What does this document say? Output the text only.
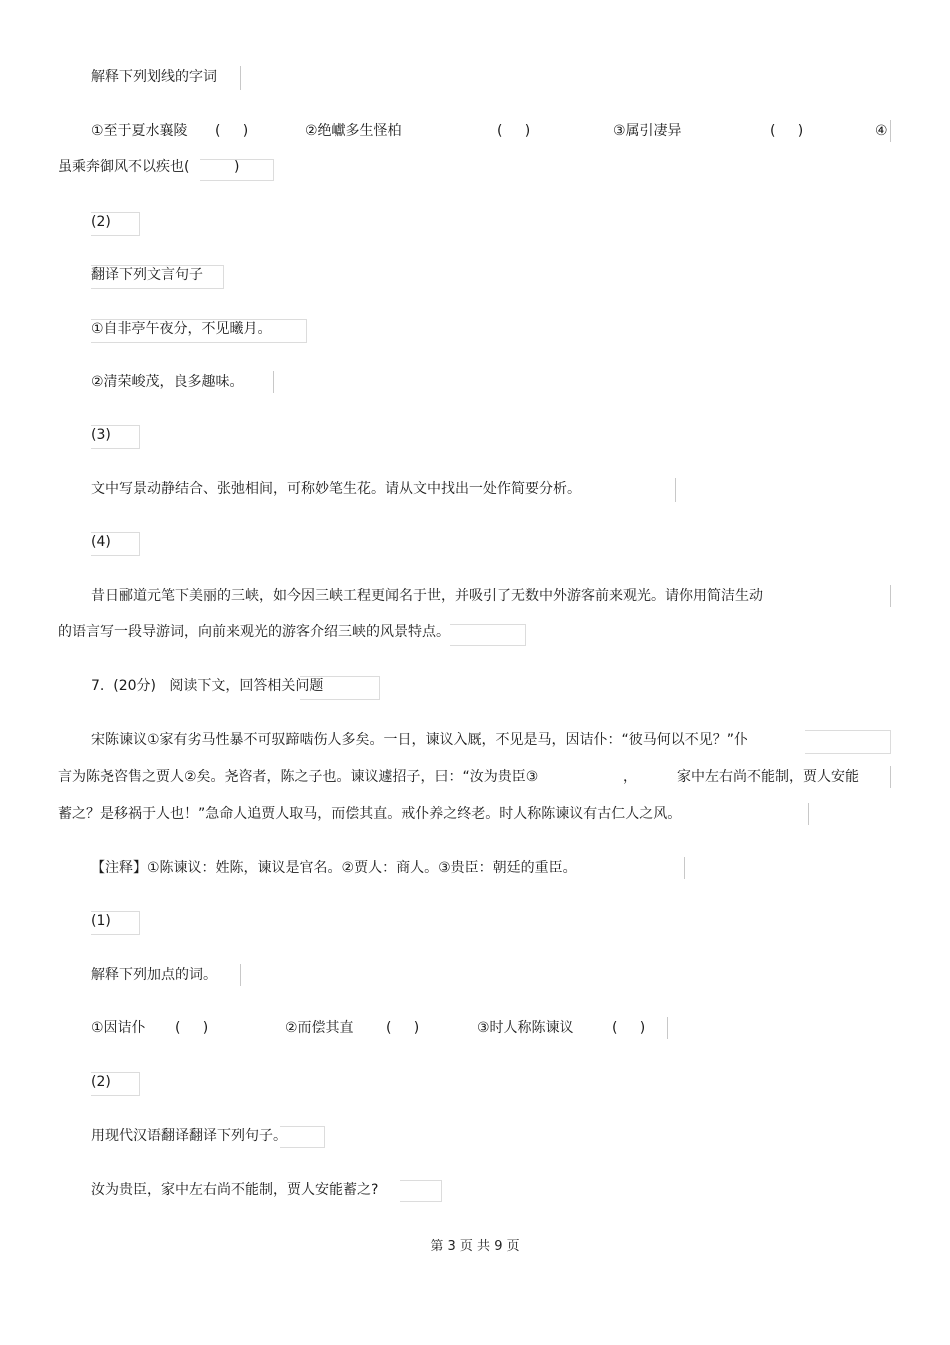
解释下列划线的字词
①至于夏水襄陵 (     )	②绝巘多生怪柏	(     )	③属引凄异	(     )	④
虽乘奔御风不以疾也(          )
(2)
翻译下列文言句子
①自非亭午夜分，不见曦月。
②清荣峻茂，良多趣味。
(3)
文中写景动静结合、张弛相间，可称妙笔生花。请从文中找出一处作简要分析。
(4)
昔日郦道元笔下美丽的三峡，如今因三峡工程更闻名于世，并吸引了无数中外游客前来观光。请你用简洁生动
的语言写一段导游词，向前来观光的游客介绍三峡的风景特点。
7.  (20分)   阅读下文，回答相关问题
宋陈谏议①家有劣马性暴不可驭蹄啮伤人多矣。一日，谏议入厩，不见是马，因诘仆：“彼马何以不见？”仆
言为陈尧咨售之贾人②矣。尧咨者，陈之子也。谏议遽招子，曰：“汝为贵臣③	，	家中左右尚不能制，贾人安能
蓄之？是移祸于人也！”急命人追贾人取马，而偿其直。戒仆养之终老。时人称陈谏议有古仁人之风。
【注释】①陈谏议：姓陈，谏议是官名。②贾人：商人。③贵臣：朝廷的重臣。
(1)
解释下列加点的词。
①因诘仆 (     )	②而偿其直 (     )	③时人称陈谏议	(     )
(2)
用现代汉语翻译翻译下列句子。
汝为贵臣，家中左右尚不能制，贾人安能蓄之?
第 3 页 共 9 页
